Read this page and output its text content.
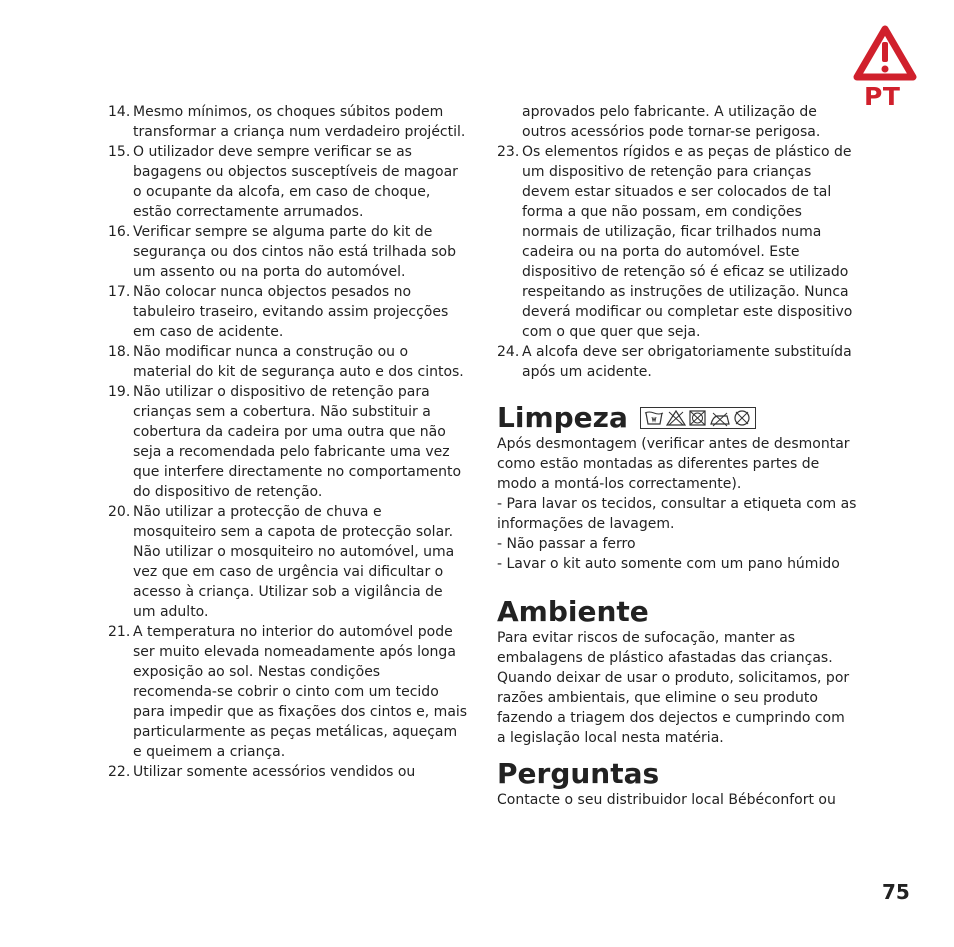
PT
14. Mesmo mínimos, os choques súbitos podem transformar a criança num verdadeiro projéctil.
15. O utilizador deve sempre verificar se as bagagens ou objectos susceptíveis de magoar o ocupante da alcofa, em caso de choque, estão correctamente arrumados.
16. Verificar sempre se alguma parte do kit de segurança ou dos cintos não está trilhada sob um assento ou na porta do automóvel.
17. Não colocar nunca objectos pesados no tabuleiro traseiro, evitando assim projecções em caso de acidente.
18. Não modificar nunca a construção ou o material do kit de segurança auto e dos cintos.
19. Não utilizar o dispositivo de retenção para crianças sem a cobertura. Não substituir a cobertura da cadeira por uma outra que não seja a recomendada pelo fabricante uma vez que interfere directamente no comportamento do dispositivo de retenção.
20. Não utilizar a protecção de chuva e mosquiteiro sem a capota de protecção solar. Não utilizar o mosquiteiro no automóvel, uma vez que em caso de urgência vai dificultar o acesso à criança. Utilizar sob a vigilância de um adulto.
21. A temperatura no interior do automóvel pode ser muito elevada nomeadamente após longa exposição ao sol. Nestas condições recomenda-se cobrir o cinto com um tecido para impedir que as fixações dos cintos e, mais particularmente as peças metálicas, aqueçam e queimem a criança.
22. Utilizar somente acessórios vendidos ou
aprovados pelo fabricante. A utilização de outros acessórios pode tornar-se perigosa.
23. Os elementos rígidos e as peças de plástico de um dispositivo de retenção para crianças devem estar situados e ser colocados de tal forma a que não possam, em condições normais de utilização, ficar trilhados numa cadeira ou na porta do automóvel. Este dispositivo de retenção só é eficaz se utilizado respeitando as instruções de utilização. Nunca deverá modificar ou completar este dispositivo com o que quer que seja.
24. A alcofa deve ser obrigatoriamente substituída após um acidente.
Limpeza
Após desmontagem (verificar antes de desmontar como estão montadas as diferentes partes de modo a montá-los correctamente).
- Para lavar os tecidos, consultar a etiqueta com as informações de lavagem.
- Não passar a ferro
- Lavar o kit auto somente com um pano húmido
Ambiente
Para evitar riscos de sufocação, manter as embalagens de plástico afastadas das crianças. Quando deixar de usar o produto, solicitamos, por razões ambientais, que elimine o seu produto fazendo a triagem dos dejectos e cumprindo com a legislação local nesta matéria.
Perguntas
Contacte o seu distribuidor local Bébéconfort ou
75
